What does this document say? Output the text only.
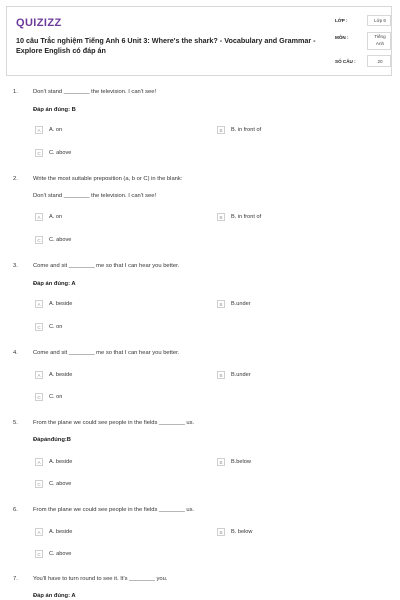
QUIZIZZ
10 câu Trắc nghiệm Tiếng Anh 6 Unit 3: Where's the shark? - Vocabulary and Grammar - Explore English có đáp án
LỚP :	Lớp 6
MÔN :	Tiếng
Anh
SỐ CÂU :	20
1.	Don't stand ________ the television. I can't see!
Đáp án đúng: B
A	A. on	B	B. in front of
C	C. above
2.	Write the most suitable preposition (a, b or C) in the blank:
Don't stand ________ the television. I can't see!
A	A. on	B	B. in front of
C	C. above
3.	Come and sit ________ me so that I can hear you better.
Đáp án đúng: A
A	A. beside	B	B.under
C	C. on
4.	Come and sit ________ me so that I can hear you better.
A	A. beside	B	B.under
C	C. on
5.	From the plane we could see people in the fields ________ us.
Đápánđúng:B
A	A. beside	B	B.below
C	C. above
6.	From the plane we could see people in the fields ________ us.
A	A. beside	B	B. below
C	C. above
7.	You'll have to turn round to see it. It's ________ you.
Đáp án đúng: A
